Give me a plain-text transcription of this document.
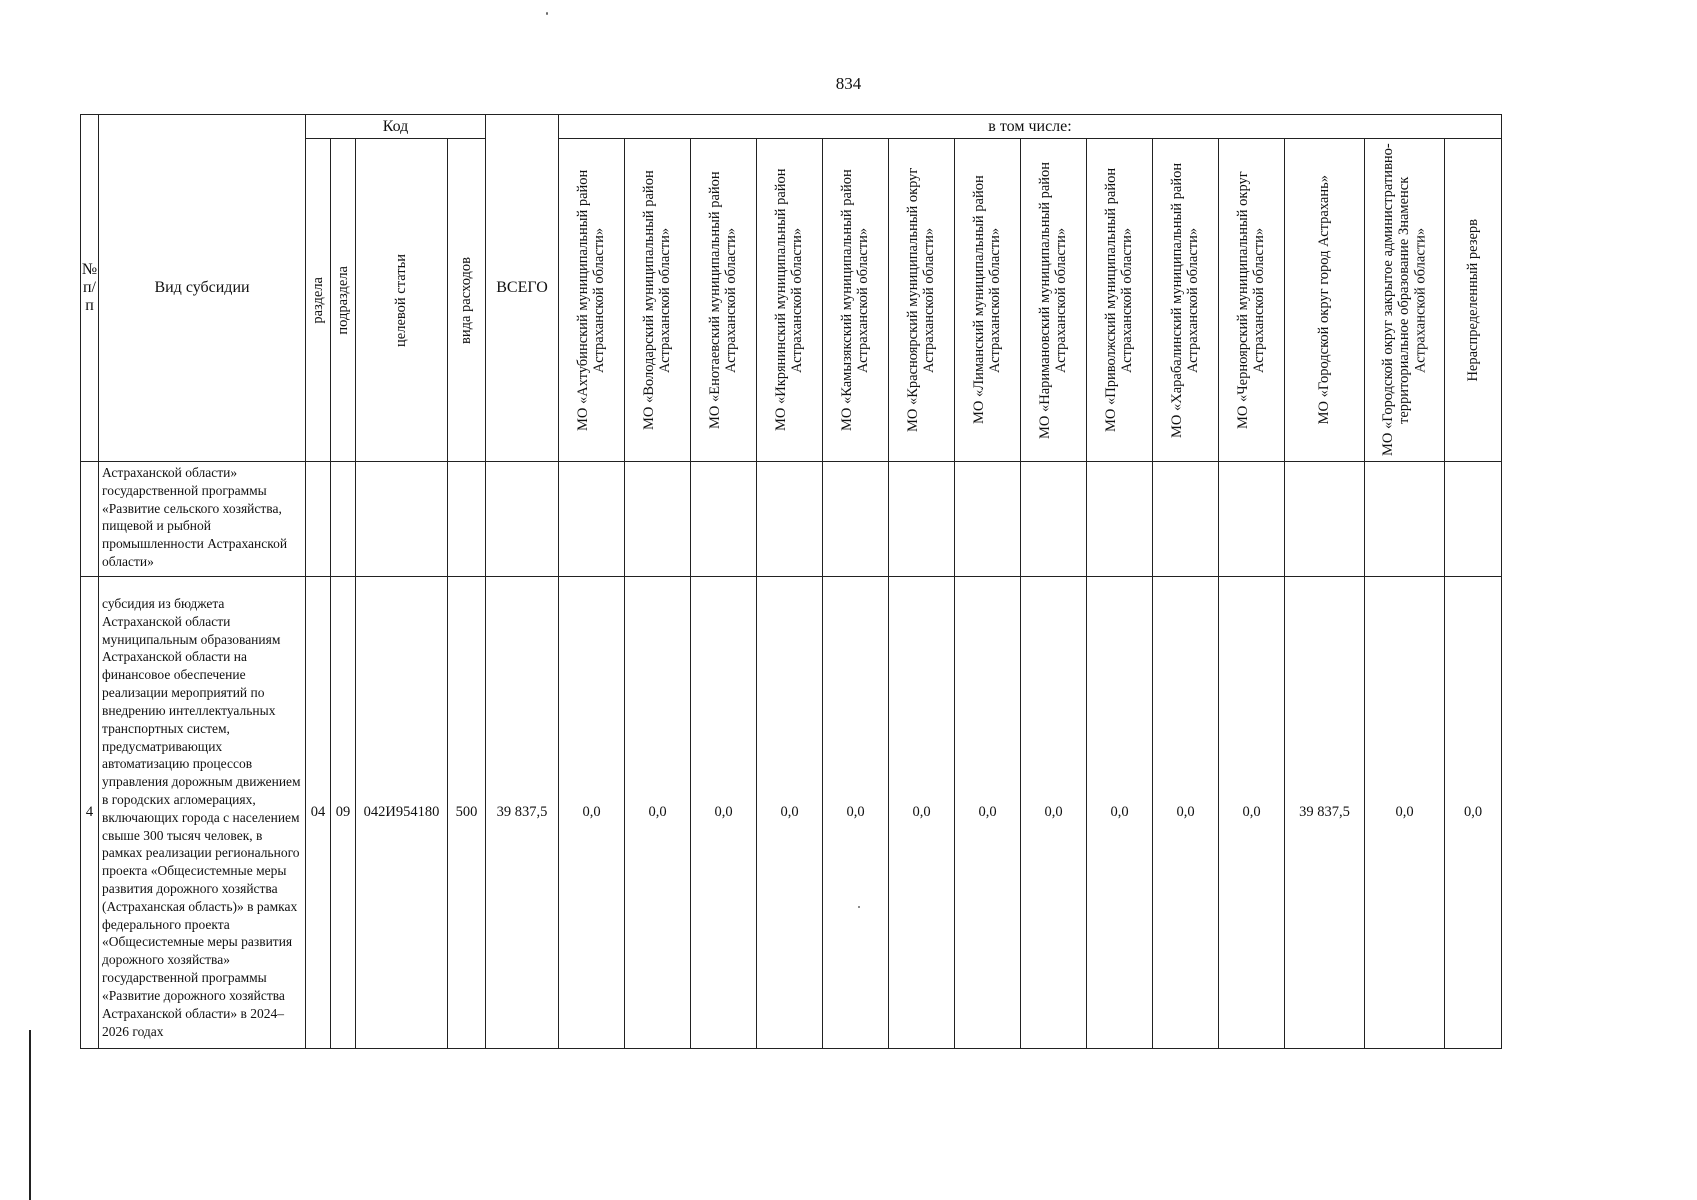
834
№ п/п	Вид субсидии	Код				ВСЕГО	в том числе:													

		раздела	подраздела	целевой статьи	вида расходов		МО «Ахтубинский муниципальный район Астраханской области»	МО «Володарский муниципальный район Астраханской области»	МО «Енотаевский муниципальный район Астраханской области»	МО «Икрянинский муниципальный район Астраханской области»	МО «Камызякский муниципальный район Астраханской области»	МО «Красноярский муниципальный округ Астраханской области»	МО «Лиманский муниципальный район Астраханской области»	МО «Наримановский муниципальный район Астраханской области»	МО «Приволжский муниципальный район Астраханской области»	МО «Харабалинский муниципальный район Астраханской области»	МО «Черноярский муниципальный округ Астраханской области»	МО «Городской округ город Астрахань»	МО «Городской округ закрытое административно-территориальное образование Знаменск Астраханской области»	Нераспределенный резерв

	Астраханской области» государственной программы «Развитие сельского хозяйства, пищевой и рыбной промышленности Астраханской области»																			
4	субсидия из бюджета Астраханской области муниципальным образованиям Астраханской области на финансовое обеспечение реализации мероприятий по внедрению интеллектуальных транспортных систем, предусматривающих автоматизацию процессов управления дорожным движением в городских агломерациях, включающих города с населением свыше 300 тысяч человек, в рамках реализации регионального проекта «Общесистемные меры развития дорожного хозяйства (Астраханская область)» в рамках федерального проекта «Общесистемные меры развития дорожного хозяйства» государственной программы «Развитие дорожного хозяйства Астраханской области» в 2024–2026 годах	04	09	042И954180	500	39 837,5	0,0	0,0	0,0	0,0	0,0	0,0	0,0	0,0	0,0	0,0	0,0	39 837,5	0,0	0,0
